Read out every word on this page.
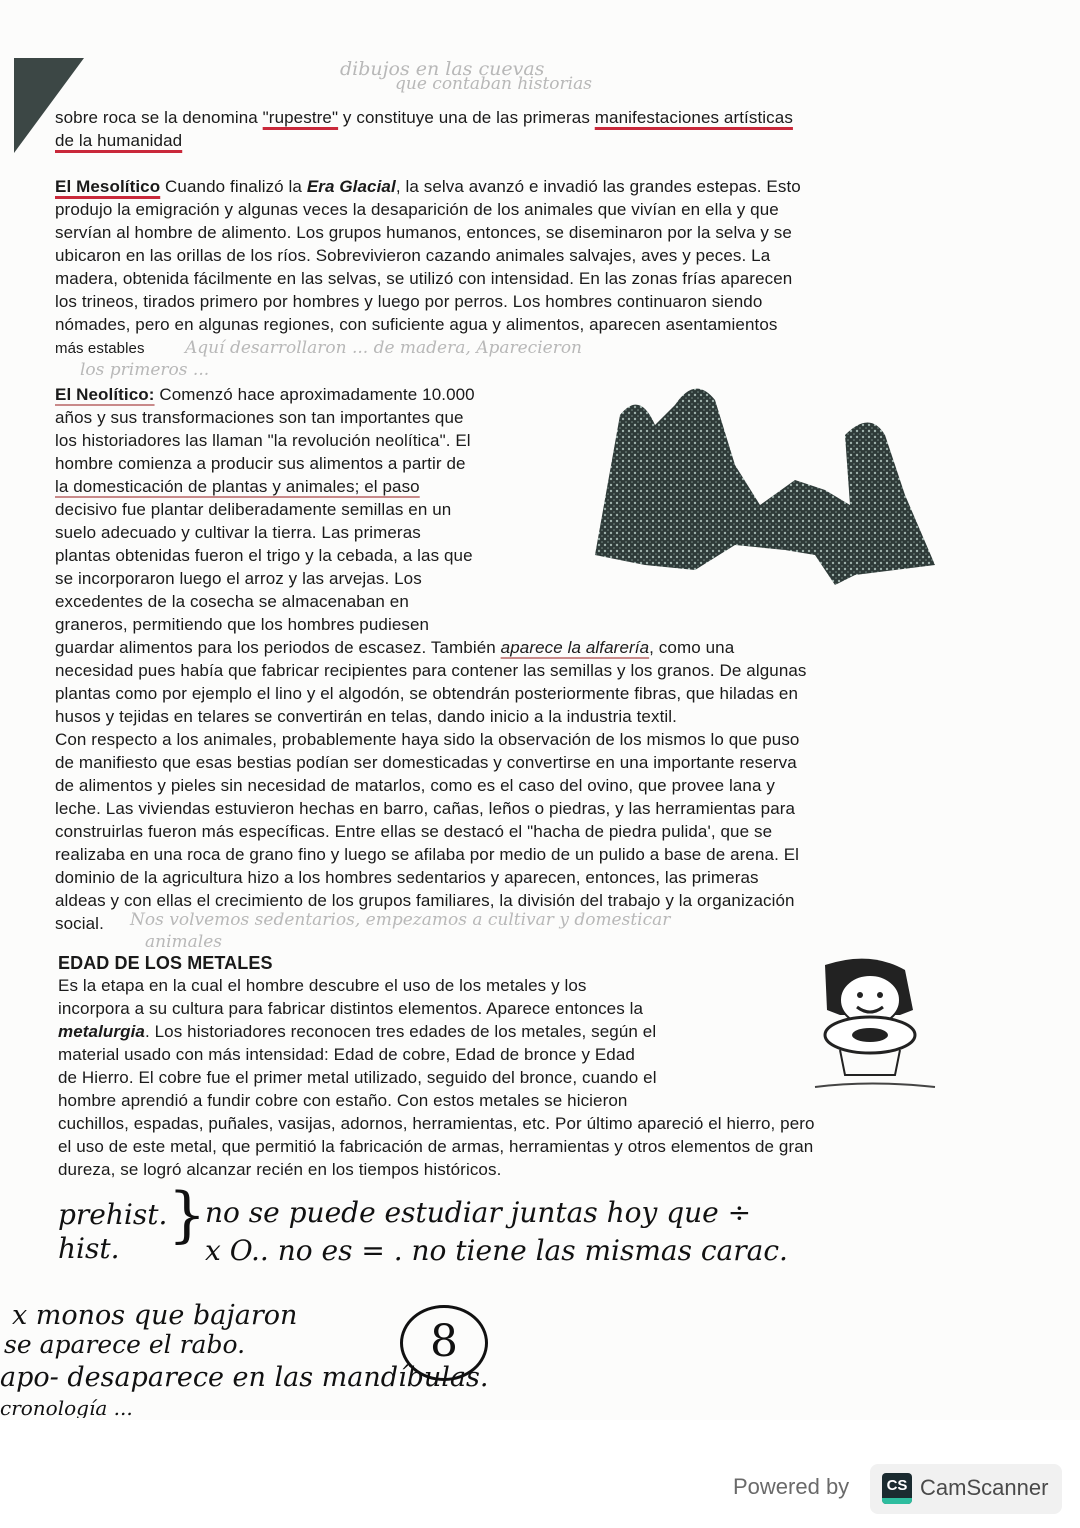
dibujos en las cuevas
que contaban historias
sobre roca se la denomina "rupestre" y constituye una de las primeras manifestaciones artísticas
de la humanidad
El Mesolítico Cuando finalizó la Era Glacial, la selva avanzó e invadió las grandes estepas. Esto
produjo la emigración y algunas veces la desaparición de los animales que vivían en ella y que
servían al hombre de alimento. Los grupos humanos, entonces, se diseminaron por la selva y se
ubicaron en las orillas de los ríos. Sobrevivieron cazando animales salvajes, aves y peces. La
madera, obtenida fácilmente en las selvas, se utilizó con intensidad. En las zonas frías aparecen
los trineos, tirados primero por hombres y luego por perros. Los hombres continuaron siendo
nómades, pero en algunas regiones, con suficiente agua y alimentos, aparecen asentamientos
más estables Aquí desarrollaron ... de madera, Aparecieron
los primeros ...
El Neolítico: Comenzó hace aproximadamente 10.000
años y sus transformaciones son tan importantes que
los historiadores las llaman "la revolución neolítica". El
hombre comienza a producir sus alimentos a partir de
la domesticación de plantas y animales; el paso
decisivo fue plantar deliberadamente semillas en un
suelo adecuado y cultivar la tierra. Las primeras
plantas obtenidas fueron el trigo y la cebada, a las que
se incorporaron luego el arroz y las arvejas. Los
excedentes de la cosecha se almacenaban en
graneros, permitiendo que los hombres pudiesen
guardar alimentos para los periodos de escasez. También aparece la alfarería, como una
necesidad pues había que fabricar recipientes para contener las semillas y los granos. De algunas
plantas como por ejemplo el lino y el algodón, se obtendrán posteriormente fibras, que hiladas en
husos y tejidas en telares se convertirán en telas, dando inicio a la industria textil.
Con respecto a los animales, probablemente haya sido la observación de los mismos lo que puso
de manifiesto que esas bestias podían ser domesticadas y convertirse en una importante reserva
de alimentos y pieles sin necesidad de matarlos, como es el caso del ovino, que provee lana y
leche. Las viviendas estuvieron hechas en barro, cañas, leños o piedras, y las herramientas para
construirlas fueron más específicas. Entre ellas se destacó el "hacha de piedra pulida', que se
realizaba en una roca de grano fino y luego se afilaba por medio de un pulido a base de arena. El
dominio de la agricultura hizo a los hombres sedentarios y aparecen, entonces, las primeras
aldeas y con ellas el crecimiento de los grupos familiares, la división del trabajo y la organización
social. Nos volvemos sedentarios, empezamos a cultivar y domesticar
animales
EDAD DE LOS METALES
Es la etapa en la cual el hombre descubre el uso de los metales y los
incorpora a su cultura para fabricar distintos elementos. Aparece entonces la
metalurgia. Los historiadores reconocen tres edades de los metales, según el
material usado con más intensidad: Edad de cobre, Edad de bronce y Edad
de Hierro. El cobre fue el primer metal utilizado, seguido del bronce, cuando el
hombre aprendió a fundir cobre con estaño. Con estos metales se hicieron
cuchillos, espadas, puñales, vasijas, adornos, herramientas, etc. Por último apareció el hierro, pero
el uso de este metal, que permitió la fabricación de armas, herramientas y otros elementos de gran
dureza, se logró alcanzar recién en los tiempos históricos.
prehist.
hist. }
no se puede estudiar juntas hoy que ÷
x O.. no es = . no tiene las mismas carac.
x monos que bajaron
se aparece el rabo.
apo- desaparece en las mandíbulas.
cronología ...
8
Powered by	CS CamScanner
